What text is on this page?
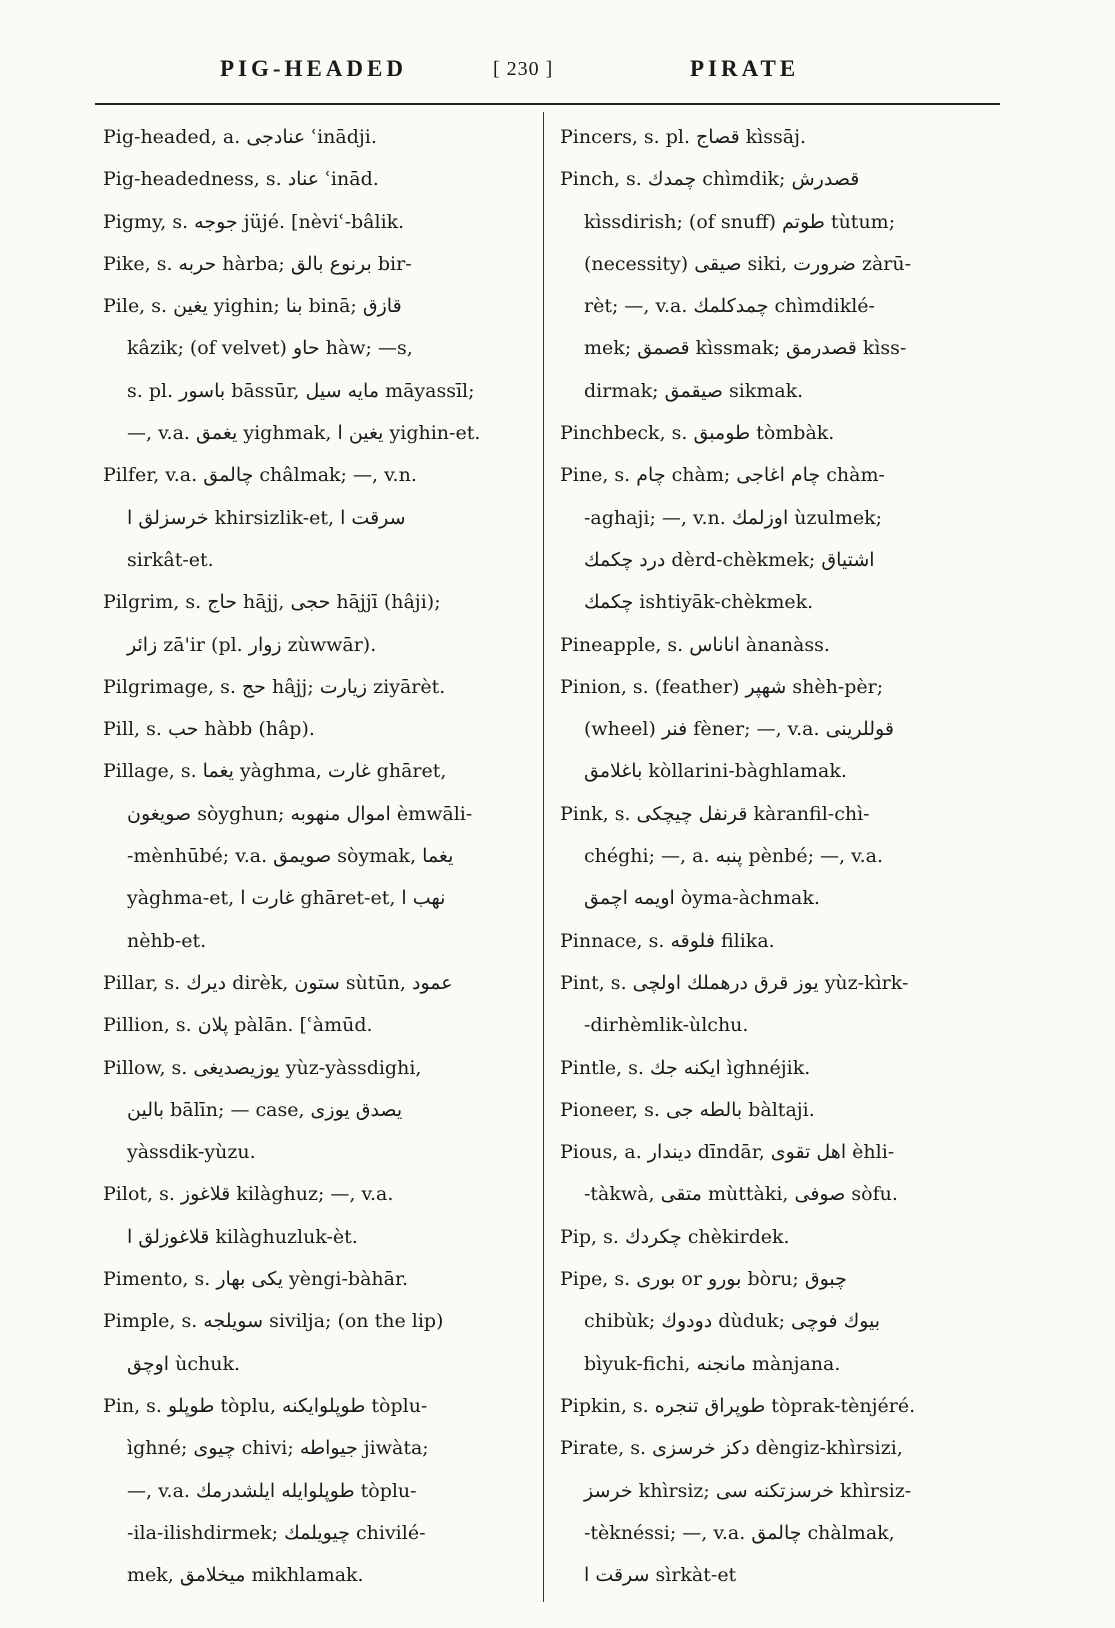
PIG-HEADED	[ 230 ]	PIRATE
Pig-headed, a. عنادجی ʿinādji.
Pig-headedness, s. عناد ʿinād.
Pigmy, s. جوجه jüjé. [nèviʿ-bâlik.
Pike, s. حربه hàrba; برنوع بالق bir-
Pile, s. يغين yighin; بنا binā; قازق
kâzik; (of velvet) حاو hàw; —s,
s. pl. باسور bāssūr, مايه سيل māyassīl;
—, v.a. يغمق yighmak, يغين ا yighin-et.
Pilfer, v.a. چالمق châlmak; —, v.n.
خرسزلق ا khirsizlik-et, سرقت ا
sirkât-et.
Pilgrim, s. حاج hājj, حجى hājjī (hâji);
زائر zā'ir (pl. زوار zùwwār).
Pilgrimage, s. حج hâjj; زيارت ziyārèt.
Pill, s. حب hàbb (hâp).
Pillage, s. يغما yàghma, غارت ghāret,
صويغون sòyghun; اموال منهوبه èmwāli-
-mènhūbé; v.a. صويمق sòymak, يغما
yàghma-et, غارت ا ghāret-et, نهب ا
nèhb-et.
Pillar, s. ديرك dirèk, ستون sùtūn, عمود
Pillion, s. پلان pàlān. [ʿàmūd.
Pillow, s. يوزيصديغى yùz-yàssdighi,
بالين bālīn; — case, يصدق يوزى
yàssdik-yùzu.
Pilot, s. قلاغوز kilàghuz; —, v.a.
قلاغوزلق ا kilàghuzluk-èt.
Pimento, s. يكى بهار yèngi-bàhār.
Pimple, s. سويلجه sivilja; (on the lip)
اوچق ùchuk.
Pin, s. طوپلو tòplu, طوپلوايكنه tòplu-
ìghné; چيوى chivi; جيواطه jiwàta;
—, v.a. طوپلوايله ايلشدرمك tòplu-
-ila-ilishdirmek; چيويلمك chivilé-
mek, ميخلامق mikhlamak.
Pincers, s. pl. قصاج kìssāj.
Pinch, s. چمدك chìmdik; قصدرش
kìssdirish; (of snuff) طوتم tùtum;
(necessity) صيقى siki, ضرورت zàrū-
rèt; —, v.a. چمدكلمك chìmdiklé-
mek; قصمق kìssmak; قصدرمق kìss-
dirmak; صيقمق sikmak.
Pinchbeck, s. طومبق tòmbàk.
Pine, s. چام chàm; چام اغاجى chàm-
-aghaji; —, v.n. اوزلمك ùzulmek;
درد چكمك dèrd-chèkmek; اشتياق
چكمك ishtiyāk-chèkmek.
Pineapple, s. اناناس ànanàss.
Pinion, s. (feather) شهپر shèh-pèr;
(wheel) فنر fèner; —, v.a. قوللرينى
باغلامق kòllarini-bàghlamak.
Pink, s. قرنفل چيچكى kàranfil-chì-
chéghi; —, a. پنبه pènbé; —, v.a.
اويمه اچمق òyma-àchmak.
Pinnace, s. فلوقه filika.
Pint, s. يوز قرق درهملك اولچى yùz-kìrk-
-dirhèmlik-ùlchu.
Pintle, s. ايكنه جك ìghnéjik.
Pioneer, s. بالطه جى bàltaji.
Pious, a. ديندار dīndār, اهل تقوى èhli-
-tàkwà, متقى mùttàki, صوفى sòfu.
Pip, s. چكردك chèkirdek.
Pipe, s. بورى or بورو bòru; چبوق
chibùk; دودوك dùduk; بيوك فوچى
bìyuk-fichi, مانجنه mànjana.
Pipkin, s. طوپراق تنجره tòprak-tènjéré.
Pirate, s. دكز خرسزى dèngiz-khìrsizi,
خرسز khìrsiz; خرسزتكنه سى khìrsiz-
-tèknéssi; —, v.a. چالمق chàlmak,
سرقت ا sìrkàt-et
